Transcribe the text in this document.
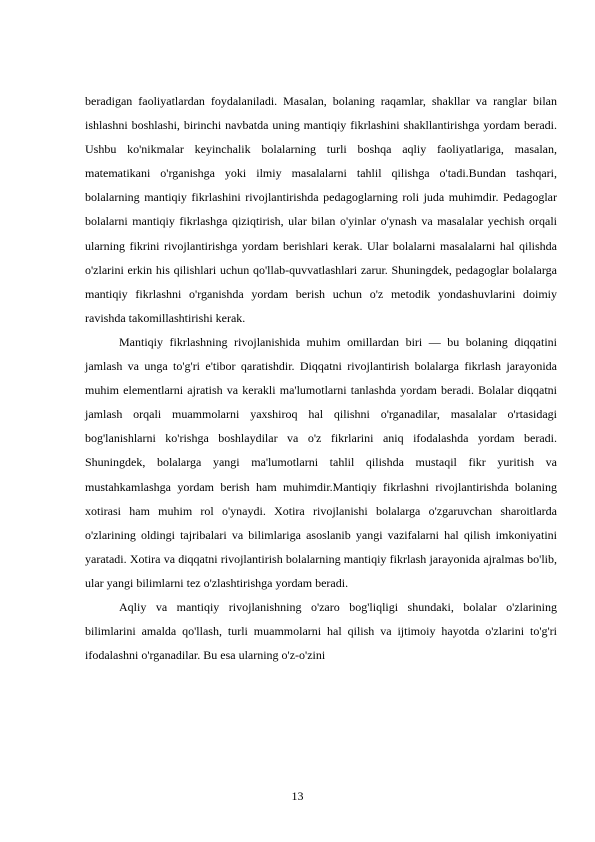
beradigan faoliyatlardan foydalaniladi. Masalan, bolaning raqamlar, shakllar va ranglar bilan ishlashni boshlashi, birinchi navbatda uning mantiqiy fikrlashini shakllantirishga yordam beradi. Ushbu ko'nikmalar keyinchalik bolalarning turli boshqa aqliy faoliyatlariga, masalan, matematikani o'rganishga yoki ilmiy masalalarni tahlil qilishga o'tadi.Bundan tashqari, bolalarning mantiqiy fikrlashini rivojlantirishda pedagoglarning roli juda muhimdir. Pedagoglar bolalarni mantiqiy fikrlashga qiziqtirish, ular bilan o'yinlar o'ynash va masalalar yechish orqali ularning fikrini rivojlantirishga yordam berishlari kerak. Ular bolalarni masalalarni hal qilishda o'zlarini erkin his qilishlari uchun qo'llab-quvvatlashlari zarur. Shuningdek, pedagoglar bolalarga mantiqiy fikrlashni o'rganishda yordam berish uchun o'z metodik yondashuvlarini doimiy ravishda takomillashtirishi kerak.

Mantiqiy fikrlashning rivojlanishida muhim omillardan biri — bu bolaning diqqatini jamlash va unga to'g'ri e'tibor qaratishdir. Diqqatni rivojlantirish bolalarga fikrlash jarayonida muhim elementlarni ajratish va kerakli ma'lumotlarni tanlashda yordam beradi. Bolalar diqqatni jamlash orqali muammolarni yaxshiroq hal qilishni o'rganadilar, masalalar o'rtasidagi bog'lanishlarni ko'rishga boshlaydilar va o'z fikrlarini aniq ifodalashda yordam beradi. Shuningdek, bolalarga yangi ma'lumotlarni tahlil qilishda mustaqil fikr yuritish va mustahkamlashga yordam berish ham muhimdir.Mantiqiy fikrlashni rivojlantirishda bolaning xotirasi ham muhim rol o'ynaydi. Xotira rivojlanishi bolalarga o'zgaruvchan sharoitlarda o'zlarining oldingi tajribalari va bilimlariga asoslanib yangi vazifalarni hal qilish imkoniyatini yaratadi. Xotira va diqqatni rivojlantirish bolalarning mantiqiy fikrlash jarayonida ajralmas bo'lib, ular yangi bilimlarni tez o'zlashtirishga yordam beradi.

Aqliy va mantiqiy rivojlanishning o'zaro bog'liqligi shundaki, bolalar o'zlarining bilimlarini amalda qo'llash, turli muammolarni hal qilish va ijtimoiy hayotda o'zlarini to'g'ri ifodalashni o'rganadilar. Bu esa ularning o'z-o'zini

13
